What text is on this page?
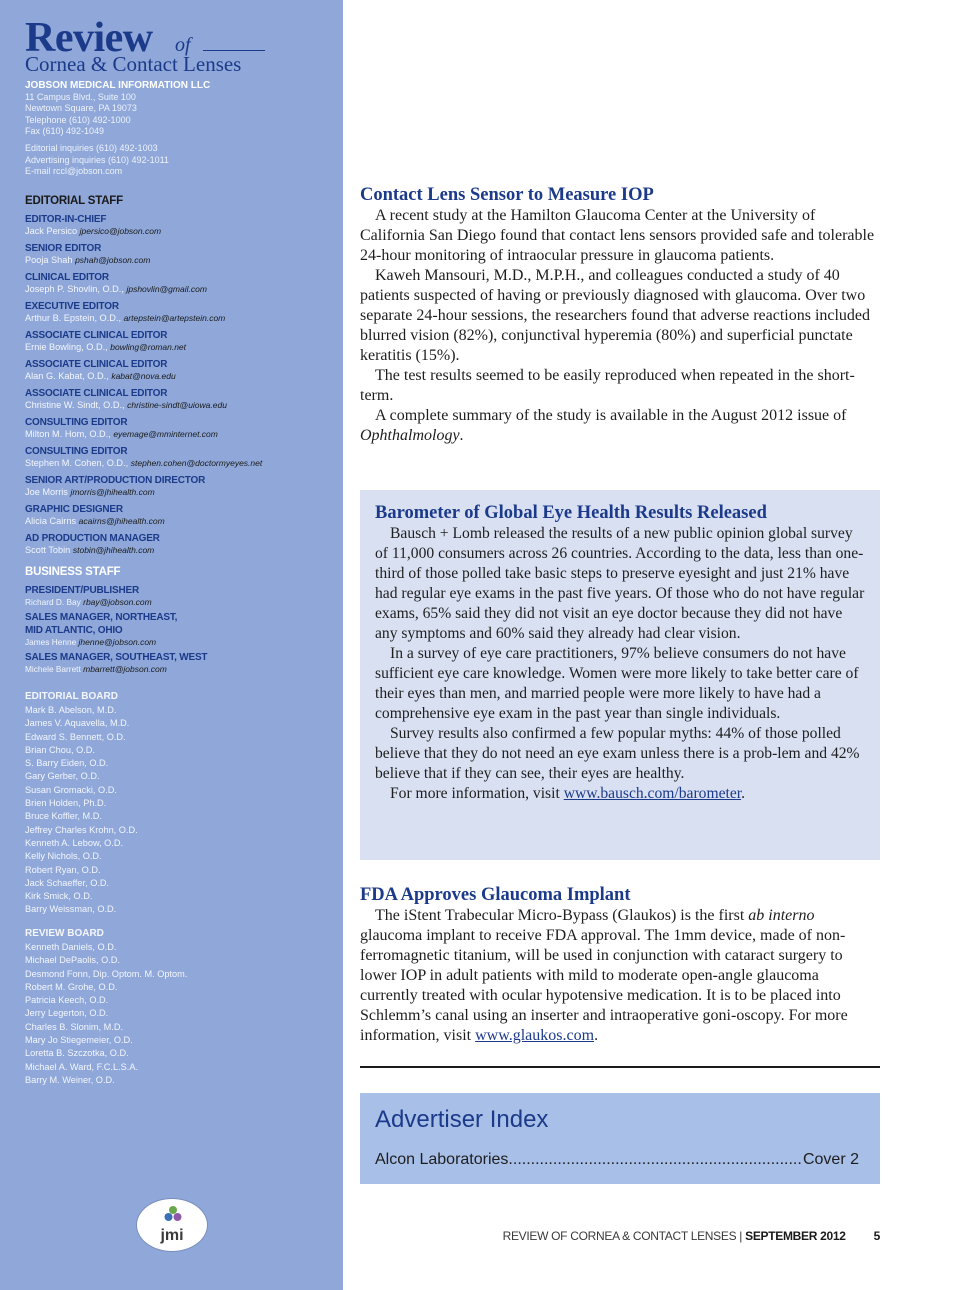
Review of
Cornea & Contact Lenses
JOBSON MEDICAL INFORMATION LLC
11 Campus Blvd., Suite 100
Newtown Square, PA 19073
Telephone (610) 492-1000
Fax (610) 492-1049
Editorial inquiries (610) 492-1003
Advertising inquiries (610) 492-1011
E-mail rccl@jobson.com
EDITORIAL STAFF
EDITOR-IN-CHIEF
Jack Persico jpersico@jobson.com
SENIOR EDITOR
Pooja Shah pshah@jobson.com
CLINICAL EDITOR
Joseph P. Shovlin, O.D., jpshovlin@gmail.com
EXECUTIVE EDITOR
Arthur B. Epstein, O.D., artepstein@artepstein.com
ASSOCIATE CLINICAL EDITOR
Ernie Bowling, O.D., bowling@roman.net
ASSOCIATE CLINICAL EDITOR
Alan G. Kabat, O.D., kabat@nova.edu
ASSOCIATE CLINICAL EDITOR
Christine W. Sindt, O.D., christine-sindt@uiowa.edu
CONSULTING EDITOR
Milton M. Hom, O.D., eyemage@mminternet.com
CONSULTING EDITOR
Stephen M. Cohen, O.D., stephen.cohen@doctormyeyes.net
SENIOR ART/PRODUCTION DIRECTOR
Joe Morris jmorris@jhihealth.com
GRAPHIC DESIGNER
Alicia Cairns acairns@jhihealth.com
AD PRODUCTION MANAGER
Scott Tobin stobin@jhihealth.com
BUSINESS STAFF
PRESIDENT/PUBLISHER
Richard D. Bay rbay@jobson.com
SALES MANAGER, NORTHEAST,
MID ATLANTIC, OHIO
James Henne jhenne@jobson.com
SALES MANAGER, SOUTHEAST, WEST
Michele Barrett mbarrett@jobson.com
EDITORIAL BOARD
Mark B. Abelson, M.D.
James V. Aquavella, M.D.
Edward S. Bennett, O.D.
Brian Chou, O.D.
S. Barry Eiden, O.D.
Gary Gerber, O.D.
Susan Gromacki, O.D.
Brien Holden, Ph.D.
Bruce Koffler, M.D.
Jeffrey Charles Krohn, O.D.
Kenneth A. Lebow, O.D.
Kelly Nichols, O.D.
Robert Ryan, O.D.
Jack Schaeffer, O.D.
Kirk Smick, O.D.
Barry Weissman, O.D.
REVIEW BOARD
Kenneth Daniels, O.D.
Michael DePaolis, O.D.
Desmond Fonn, Dip. Optom. M. Optom.
Robert M. Grohe, O.D.
Patricia Keech, O.D.
Jerry Legerton, O.D.
Charles B. Slonim, M.D.
Mary Jo Stiegemeier, O.D.
Loretta B. Szczotka, O.D.
Michael A. Ward, F.C.L.S.A.
Barry M. Weiner, O.D.
jmi
Contact Lens Sensor to Measure IOP

A recent study at the Hamilton Glaucoma Center at the University of California San Diego found that contact lens sensors provided safe and tolerable 24-hour monitoring of intraocular pressure in glaucoma patients.

Kaweh Mansouri, M.D., M.P.H., and colleagues conducted a study of 40 patients suspected of having or previously diagnosed with glaucoma. Over two separate 24-hour sessions, the researchers found that adverse reactions included blurred vision (82%), conjunctival hyperemia (80%) and superficial punctate keratitis (15%).

The test results seemed to be easily reproduced when repeated in the short-term.

A complete summary of the study is available in the August 2012 issue of Ophthalmology.

Barometer of Global Eye Health Results Released

Bausch + Lomb released the results of a new public opinion global survey of 11,000 consumers across 26 countries. According to the data, less than one-third of those polled take basic steps to preserve eyesight and just 21% have had regular eye exams in the past five years. Of those who do not have regular exams, 65% said they did not visit an eye doctor because they did not have any symptoms and 60% said they already had clear vision.

In a survey of eye care practitioners, 97% believe consumers do not have sufficient eye care knowledge. Women were more likely to take better care of their eyes than men, and married people were more likely to have had a comprehensive eye exam in the past year than single individuals.

Survey results also confirmed a few popular myths: 44% of those polled believe that they do not need an eye exam unless there is a prob-lem and 42% believe that if they can see, their eyes are healthy.

For more information, visit www.bausch.com/barometer.

FDA Approves Glaucoma Implant

The iStent Trabecular Micro-Bypass (Glaukos) is the first ab interno glaucoma implant to receive FDA approval. The 1mm device, made of non-ferromagnetic titanium, will be used in conjunction with cataract surgery to lower IOP in adult patients with mild to moderate open-angle glaucoma currently treated with ocular hypotensive medication. It is to be placed into Schlemm’s canal using an inserter and intraoperative goni-oscopy. For more information, visit www.glaukos.com.

Advertiser Index
Alcon Laboratories .....	Cover 2
REVIEW OF CORNEA & CONTACT LENSES | SEPTEMBER 2012 5
